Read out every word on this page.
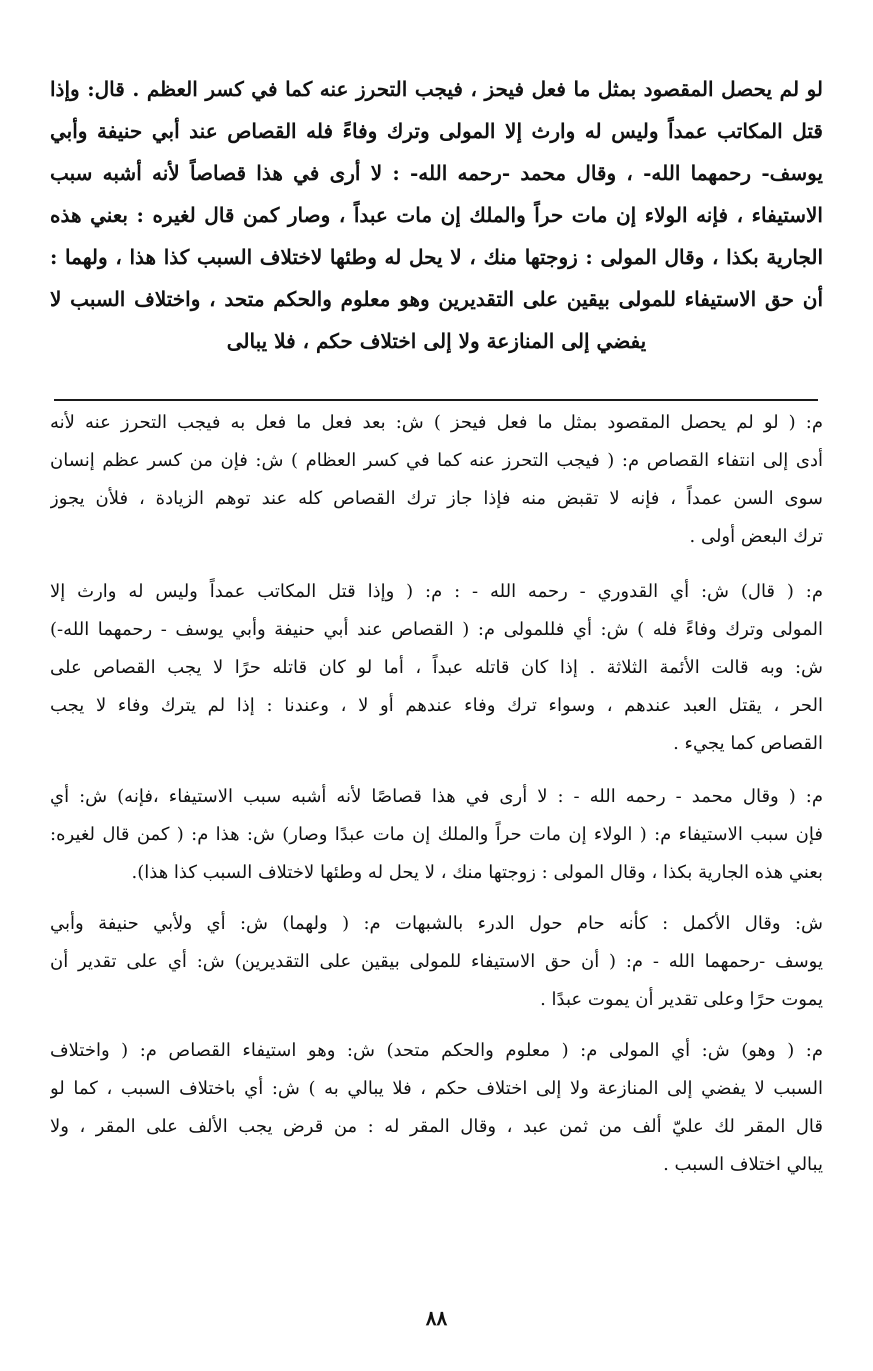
لو لم يحصل المقصود بمثل ما فعل فيحز ، فيجب التحرز عنه كما في كسر العظم . قال: وإذا
قتل المكاتب عمداً وليس له وارث إلا المولى وترك وفاءً فله القصاص عند أبي حنيفة وأبي
يوسف- رحمهما الله- ، وقال محمد -رحمه الله- : لا أرى في هذا قصاصاً لأنه أشبه سبب
الاستيفاء ، فإنه الولاء إن مات حراً والملك إن مات عبداً ، وصار كمن قال لغيره : بعني هذه
الجارية بكذا ، وقال المولى : زوجتها منك ، لا يحل له وطئها لاختلاف السبب كذا هذا ، ولهما :
أن حق الاستيفاء للمولى بيقين على التقديرين وهو معلوم والحكم متحد ، واختلاف السبب لا
يفضي إلى المنازعة ولا إلى اختلاف حكم ، فلا يبالى
م: ( لو لم يحصل المقصود بمثل ما فعل فيحز ) ش: بعد فعل ما فعل به فيجب التحرز عنه لأنه
أدى إلى انتفاء القصاص م: ( فيجب التحرز عنه كما في كسر العظام ) ش: فإن من كسر عظم إنسان
سوى السن عمداً ، فإنه لا تقبض منه فإذا جاز ترك القصاص كله عند توهم الزيادة ، فلأن يجوز
ترك البعض أولى .
م: ( قال) ش: أي القدوري - رحمه الله - : م: ( وإذا قتل المكاتب عمداً وليس له وارث إلا
المولى وترك وفاءً فله ) ش: أي فللمولى م: ( القصاص عند أبي حنيفة وأبي يوسف - رحمهما الله-)
ش: وبه قالت الأئمة الثلاثة . إذا كان قاتله عبداً ، أما لو كان قاتله حرًا لا يجب القصاص على
الحر ، يقتل العبد عندهم ، وسواء ترك وفاء عندهم أو لا ، وعندنا : إذا لم يترك وفاء لا يجب
القصاص كما يجيء .
م: ( وقال محمد - رحمه الله - : لا أرى في هذا قصاصًا لأنه أشبه سبب الاستيفاء ،فإنه) ش: أي
فإن سبب الاستيفاء م: ( الولاء إن مات حراً والملك إن مات عبدًا وصار) ش: هذا م: ( كمن قال لغيره:
بعني هذه الجارية بكذا ، وقال المولى : زوجتها منك ، لا يحل له وطئها لاختلاف السبب كذا هذا).
ش: وقال الأكمل : كأنه حام حول الدرء بالشبهات م: ( ولهما) ش: أي ولأبي حنيفة وأبي
يوسف -رحمهما الله - م: ( أن حق الاستيفاء للمولى بيقين على التقديرين) ش: أي على تقدير أن
يموت حرًا وعلى تقدير أن يموت عبدًا .
م: ( وهو) ش: أي المولى م: ( معلوم والحكم متحد) ش: وهو استيفاء القصاص م: ( واختلاف
السبب لا يفضي إلى المنازعة ولا إلى اختلاف حكم ، فلا يبالي به ) ش: أي باختلاف السبب ، كما لو
قال المقر لك عليّ ألف من ثمن عبد ، وقال المقر له : من قرض يجب الألف على المقر ، ولا
يبالي اختلاف السبب .
٨٨
